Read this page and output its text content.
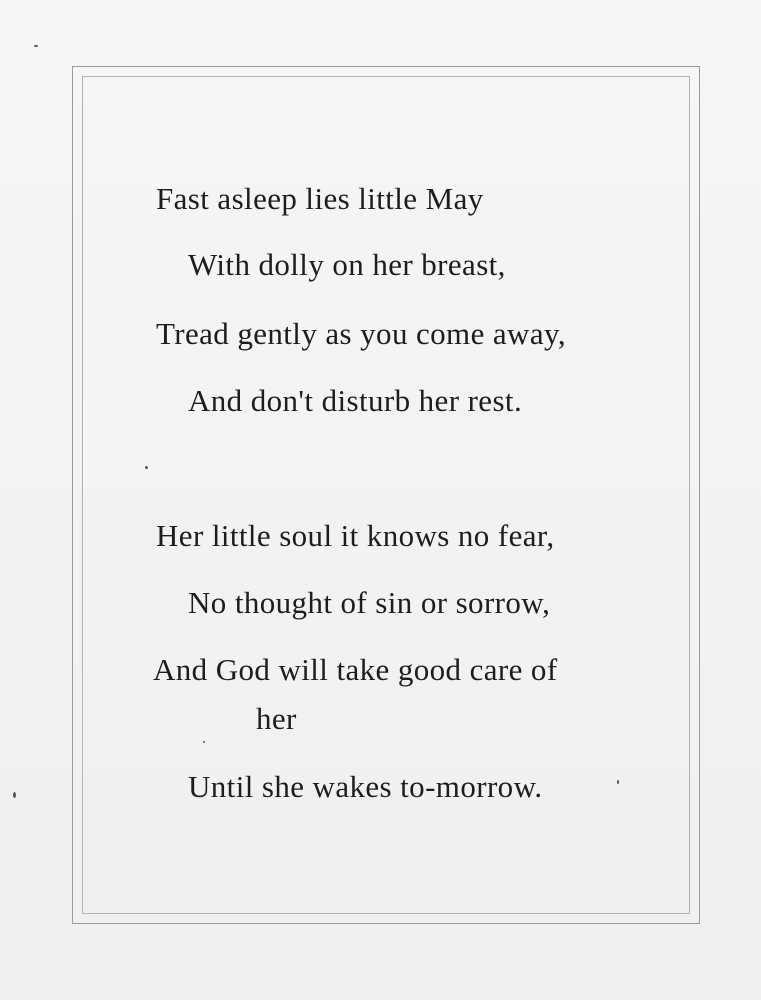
Fast asleep lies little May
With dolly on her breast,
Tread gently as you come away,
And don't disturb her rest.
Her little soul it knows no fear,
No thought of sin or sorrow,
And God will take good care of
her
Until she wakes to-morrow.
